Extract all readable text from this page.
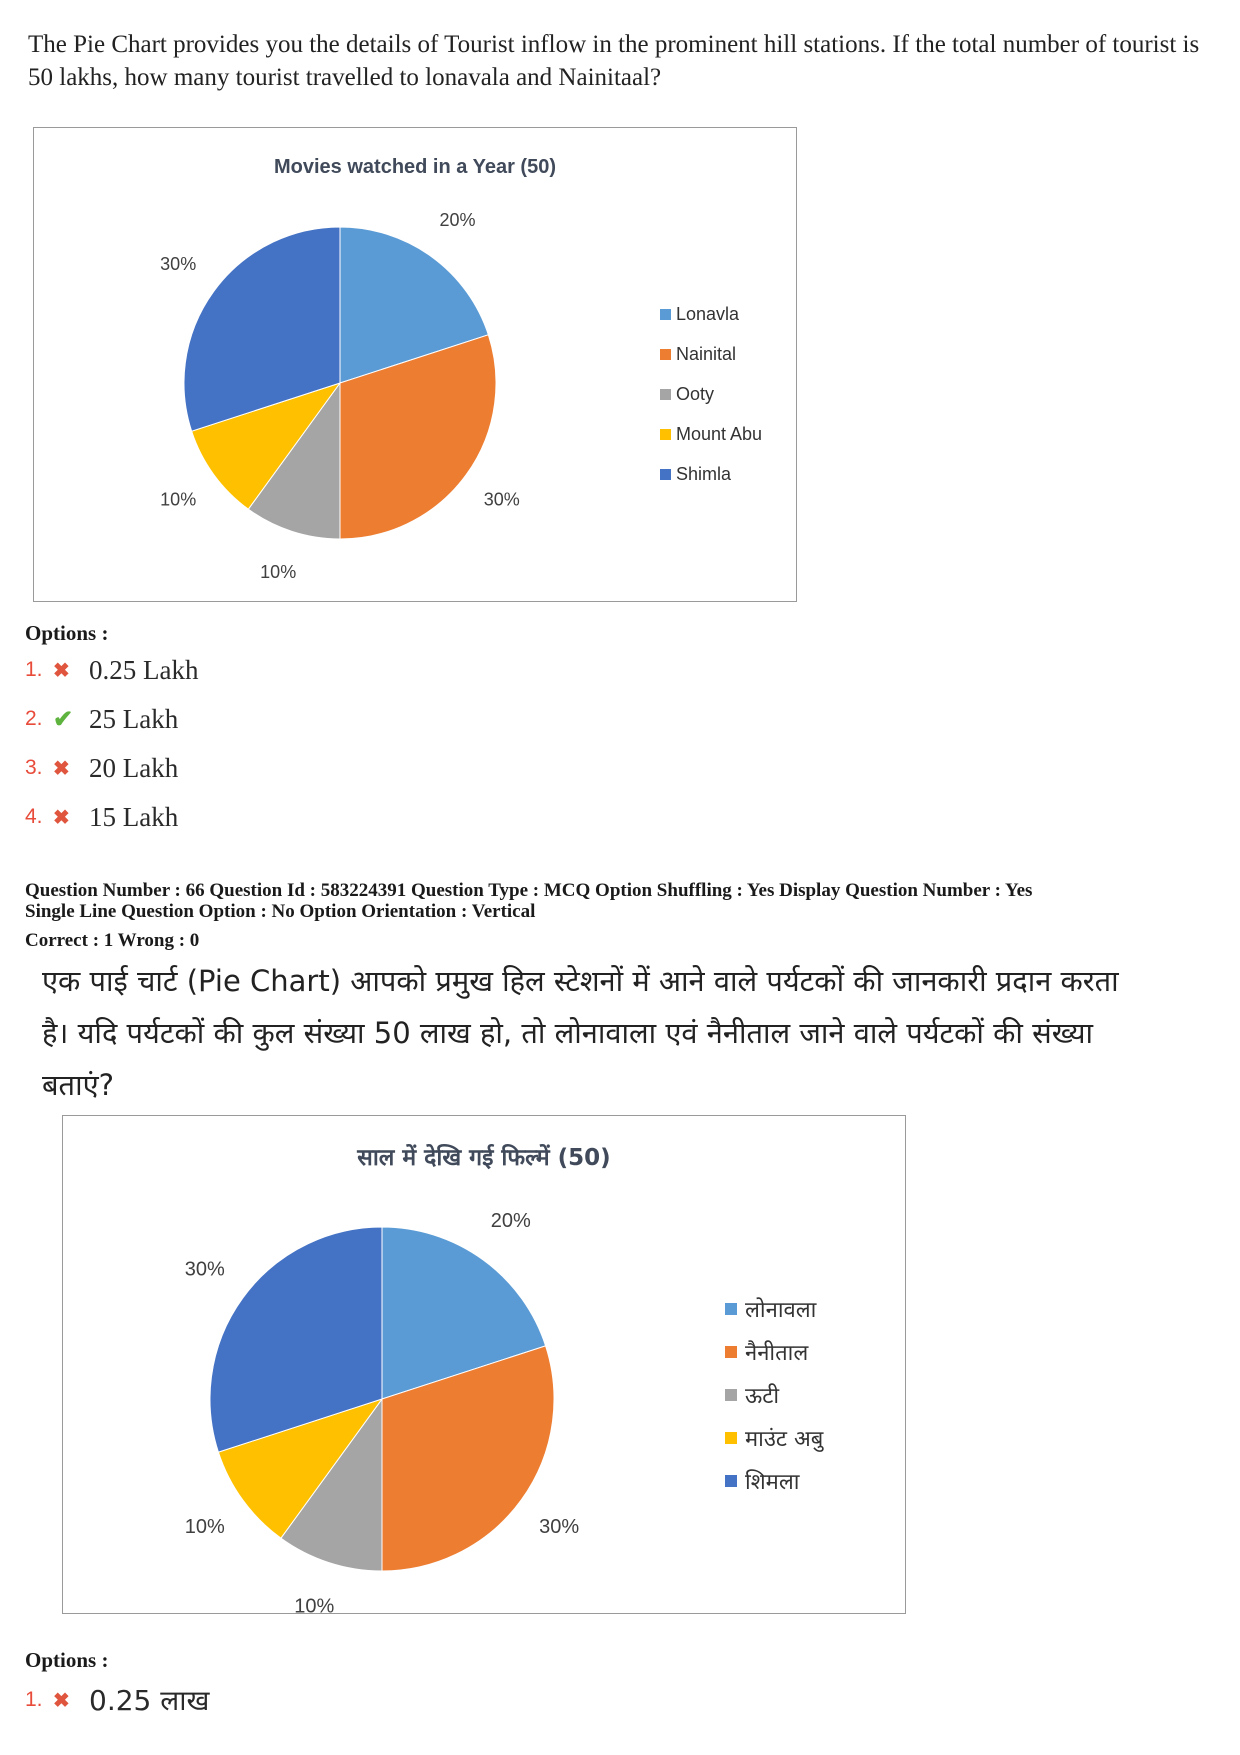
The Pie Chart provides you the details of Tourist inflow in the prominent hill stations. If the total number of tourist is 50 lakhs, how many tourist travelled to lonavala and Nainitaal?
Movies watched in a Year (50)
20%
30%
10%
10%
30%
Lonavla
Nainital
Ooty
Mount Abu
Shimla
Options :
1. ✖ 0.25 Lakh
2. ✔ 25 Lakh
3. ✖ 20 Lakh
4. ✖ 15 Lakh
Question Number : 66 Question Id : 583224391 Question Type : MCQ Option Shuffling : Yes Display Question Number : Yes
Single Line Question Option : No Option Orientation : Vertical
Correct : 1 Wrong : 0
एक पाई चार्ट (Pie Chart) आपको प्रमुख हिल स्टेशनों में आने वाले पर्यटकों की जानकारी प्रदान करता है। यदि पर्यटकों की कुल संख्या 50 लाख हो, तो लोनावाला एवं नैनीताल जाने वाले पर्यटकों की संख्या बताएं?
साल में देखि गई फिल्में (50)
20%
30%
10%
10%
30%
लोनावला
नैनीताल
ऊटी
माउंट अबु
शिमला
Options :
1. ✖ 0.25 लाख
